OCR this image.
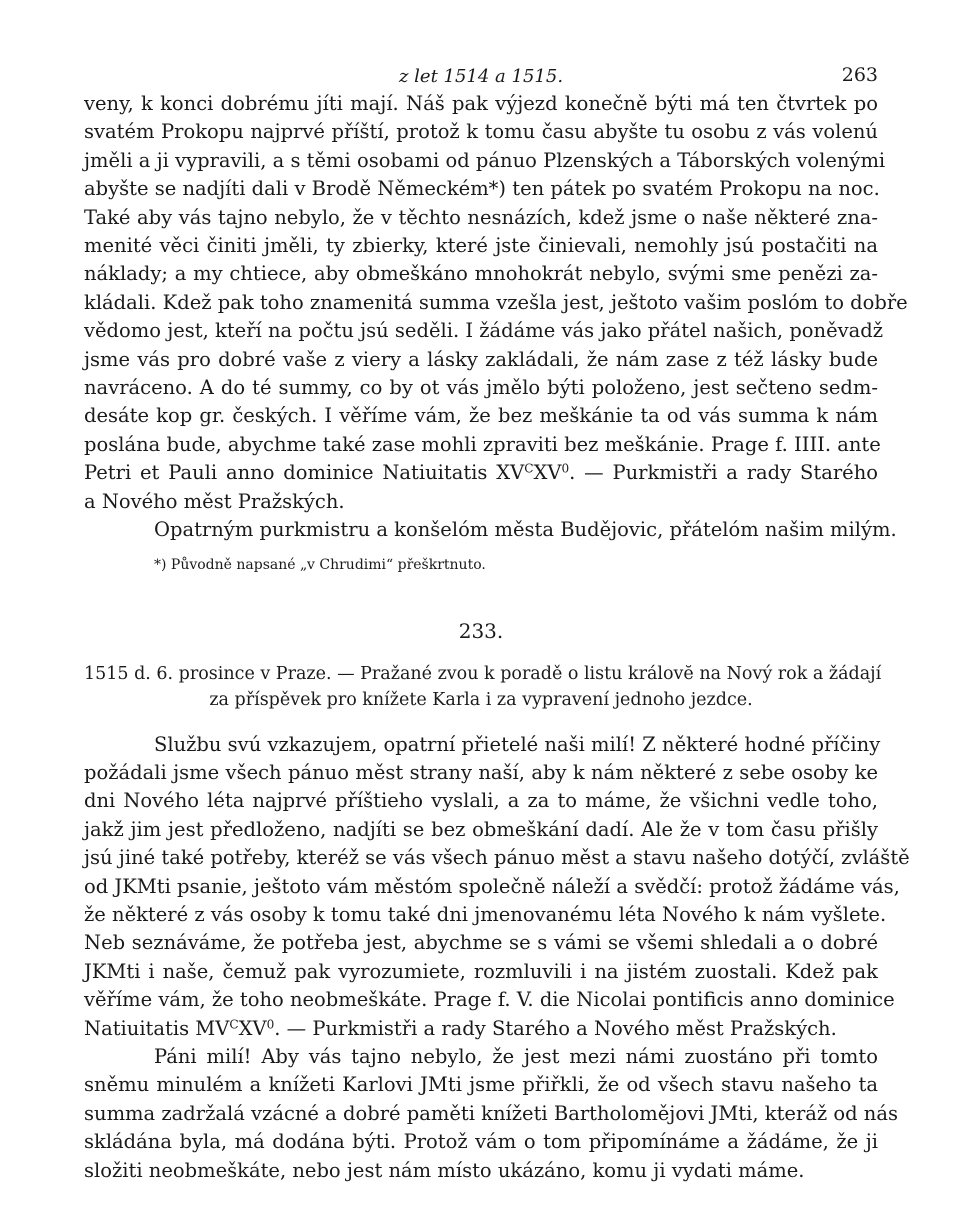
z let 1514 a 1515.	263
veny, k konci dobrému jíti mají. Náš pak výjezd konečně býti má ten čtvrtek po
svatém Prokopu najprvé příští, protož k tomu času abyšte tu osobu z vás volenú
jměli a ji vypravili, a s těmi osobami od pánuo Plzenských a Táborských volenými
abyšte se nadjíti dali v Brodě Německém*) ten pátek po svatém Prokopu na noc.
Také aby vás tajno nebylo, že v těchto nesnázích, kdež jsme o naše některé zna-
menité věci činiti jměli, ty zbierky, které jste činievali, nemohly jsú postačiti na
náklady; a my chtiece, aby obmeškáno mnohokrát nebylo, svými sme penězi za-
kládali. Kdež pak toho znamenitá summa vzešla jest, ještoto vašim poslóm to dobře
vědomo jest, kteří na počtu jsú seděli. I žádáme vás jako přátel našich, poněvadž
jsme vás pro dobré vaše z viery a lásky zakládali, že nám zase z též lásky bude
navráceno. A do té summy, co by ot vás jmělo býti položeno, jest sečteno sedm-
desáte kop gr. českých. I věříme vám, že bez meškánie ta od vás summa k nám
poslána bude, abychme také zase mohli zpraviti bez meškánie. Prage f. IIII. ante
Petri et Pauli anno dominice Natiuitatis $XV^CXV^0$. — Purkmistři a rady Starého
a Nového měst Pražských.
Opatrným purkmistru a konšelóm města Budějovic, přátelóm našim milým.
*) Původně napsané „v Chrudimi“ přeškrtnuto.
233.
1515 d. 6. prosince v Praze. — Pražané zvou k poradě o listu královĕ na Nový rok a žádají
za příspěvek pro knížete Karla i za vypravení jednoho jezdce.
Službu svú vzkazujem, opatrní přietelé naši milí! Z některé hodné příčiny
požádali jsme všech pánuo měst strany naší, aby k nám některé z sebe osoby ke
dni Nového léta najprvé příštieho vyslali, a za to máme, že všichni vedle toho,
jakž jim jest předloženo, nadjíti se bez obmeškání dadí. Ale že v tom času přišly
jsú jiné také potřeby, kteréž se vás všech pánuo měst a stavu našeho dotýčí, zvláště
od JKMti psanie, ještoto vám městóm společně náleží a svědčí: protož žádáme vás,
že některé z vás osoby k tomu také dni jmenovanému léta Nového k nám vyšlete.
Neb seznáváme, že potřeba jest, abychme se s vámi se všemi shledali a o dobré
JKMti i naše, čemuž pak vyrozumiete, rozmluvili i na jistém zuostali. Kdež pak
věříme vám, že toho neobmeškáte. Prage f. V. die Nicolai pontificis anno dominice
Natiuitatis $MV^CXV^0$. — Purkmistři a rady Starého a Nového měst Pražských.
Páni milí! Aby vás tajno nebylo, že jest mezi námi zuostáno při tomto
sněmu minulém a knížeti Karlovi JMti jsme přiřkli, že od všech stavu našeho ta
summa zadržalá vzácné a dobré paměti knížeti Bartholomějovi JMti, kteráž od nás
skládána byla, má dodána býti. Protož vám o tom připomínáme a žádáme, že ji
složiti neobmeškáte, nebo jest nám místo ukázáno, komu ji vydati máme.
